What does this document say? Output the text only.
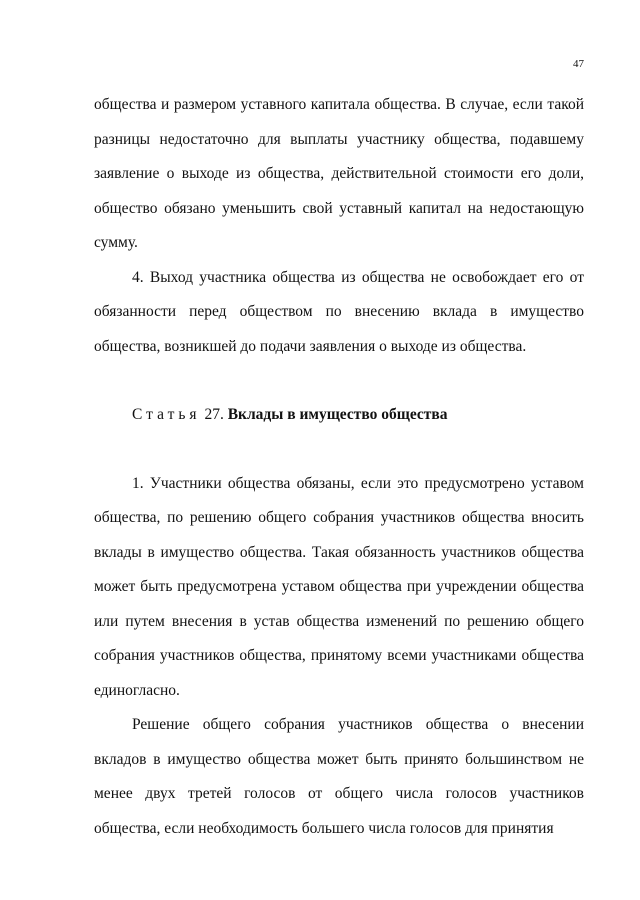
47

общества и размером уставного капитала общества. В случае, если такой разницы недостаточно для выплаты участнику общества, подавшему заявление о выходе из общества, действительной стоимости его доли, общество обязано уменьшить свой уставный капитал на недостающую сумму.

4. Выход участника общества из общества не освобождает его от обязанности перед обществом по внесению вклада в имущество общества, возникшей до подачи заявления о выходе из общества.

Статья 27. Вклады в имущество общества

1. Участники общества обязаны, если это предусмотрено уставом общества, по решению общего собрания участников общества вносить вклады в имущество общества. Такая обязанность участников общества может быть предусмотрена уставом общества при учреждении общества или путем внесения в устав общества изменений по решению общего собрания участников общества, принятому всеми участниками общества единогласно.

Решение общего собрания участников общества о внесении вкладов в имущество общества может быть принято большинством не менее двух третей голосов от общего числа голосов участников общества, если необходимость большего числа голосов для принятия
